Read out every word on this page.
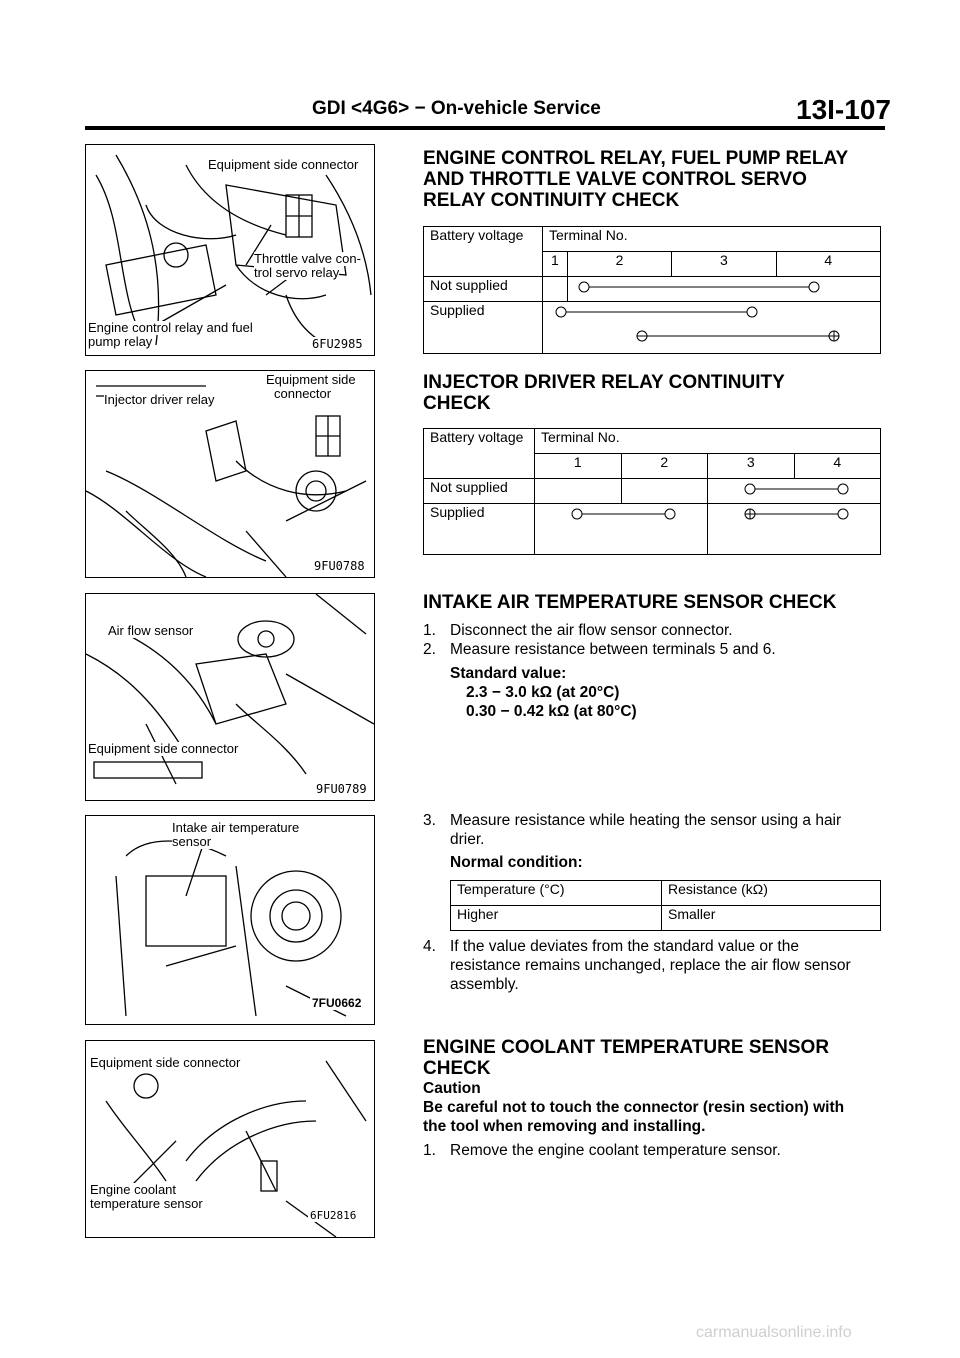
GDI <4G6> − On-vehicle Service	13I-107
Equipment side connector
Throttle valve con-
trol servo relay
Engine control relay and fuel
pump relay	6FU2985
Equipment side
connector
Injector driver relay
9FU0788
Air flow sensor
Equipment side connector
9FU0789
Intake air temperature
sensor
7FU0662
Equipment side connector
Engine coolant
temperature sensor
6FU2816
ENGINE CONTROL RELAY, FUEL PUMP RELAY
AND THROTTLE VALVE CONTROL SERVO
RELAY CONTINUITY CHECK
Battery voltage	Terminal No.			
	1	2	3	4
Not supplied		
Supplied	
INJECTOR DRIVER RELAY CONTINUITY
CHECK
Battery voltage	Terminal No.			
	1	2	3	4
Not supplied			
Supplied		
INTAKE AIR TEMPERATURE SENSOR CHECK
1. Disconnect the air flow sensor connector.
2. Measure resistance between terminals 5 and 6.
Standard value:
2.3 − 3.0 kΩ (at 20°C)
0.30 − 0.42 kΩ (at 80°C)
3. Measure resistance while heating the sensor using a hair
drier.
Normal condition:
Temperature (°C)	Resistance (kΩ)
Higher	Smaller
4. If the value deviates from the standard value or the
resistance remains unchanged, replace the air flow sensor
assembly.
ENGINE COOLANT TEMPERATURE SENSOR
CHECK
Caution
Be careful not to touch the connector (resin section) with
the tool when removing and installing.
1. Remove the engine coolant temperature sensor.
carmanualsonline.info
